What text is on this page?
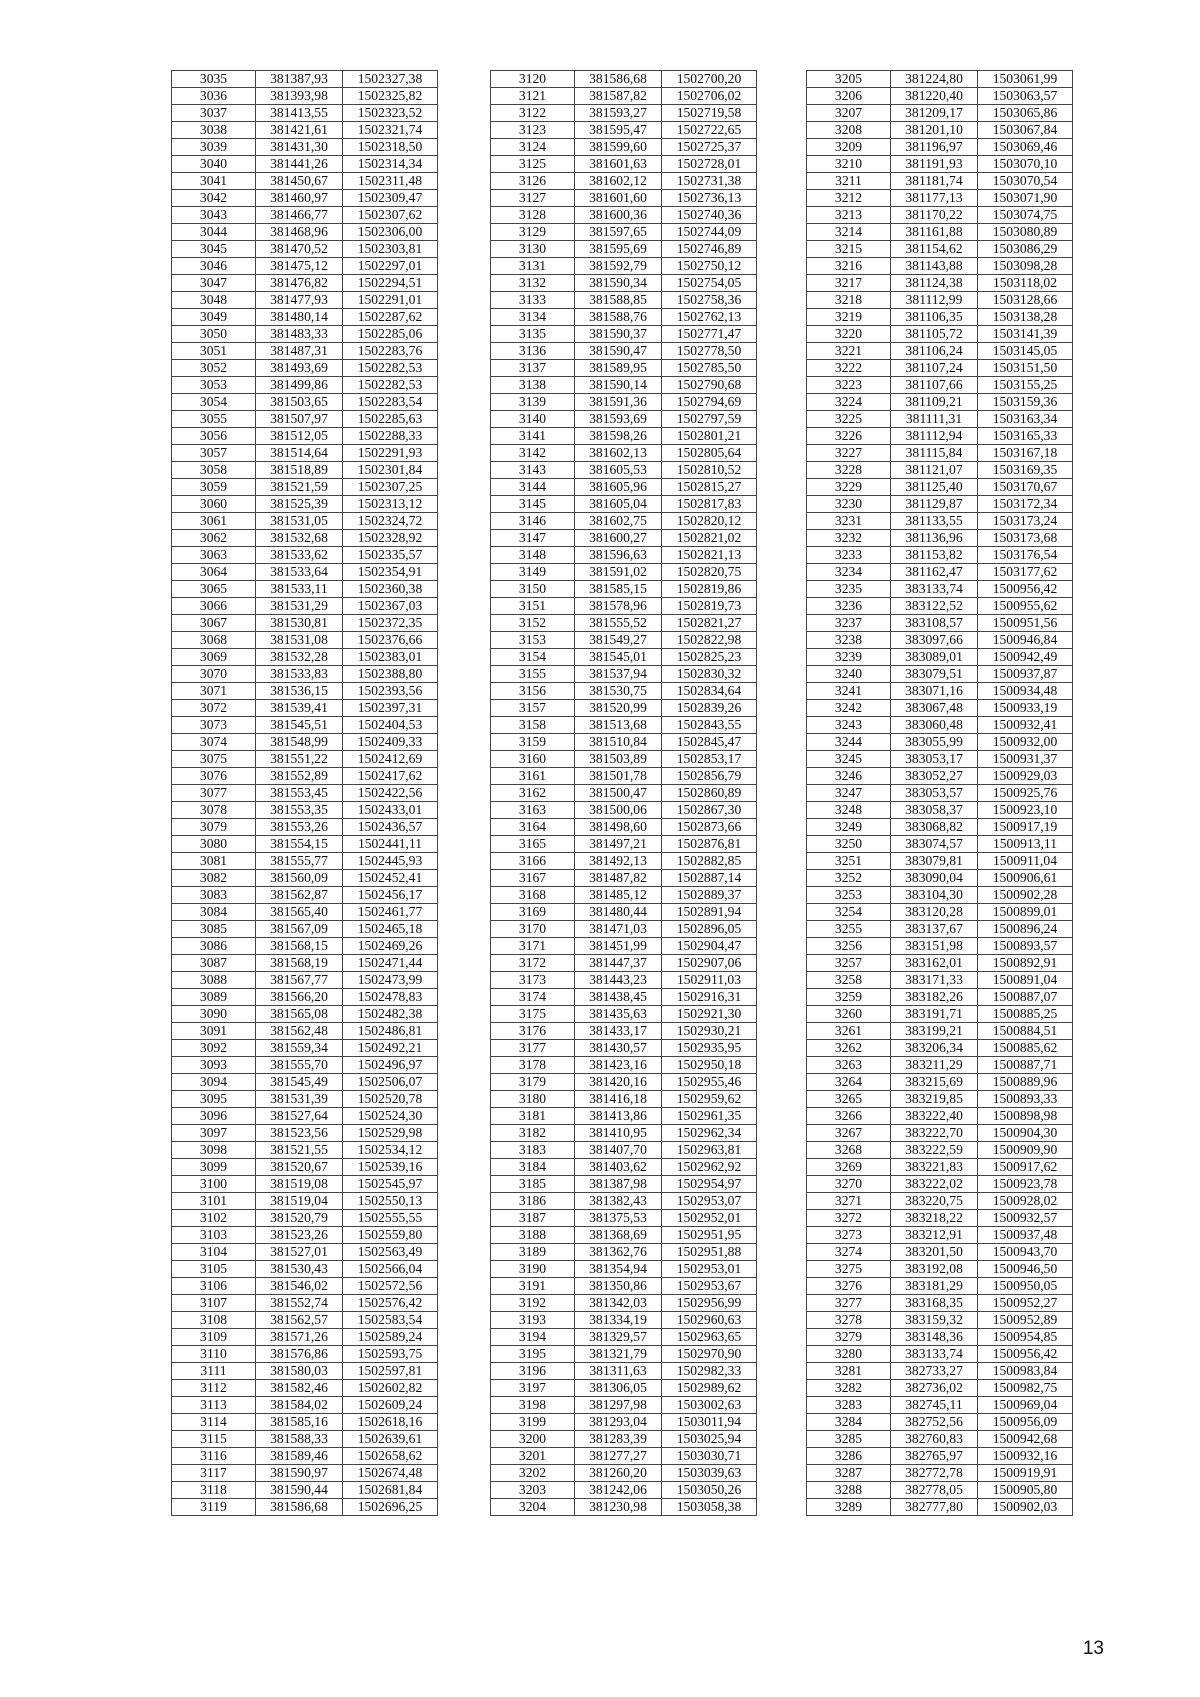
3035	381387,93	1502327,38
3036	381393,98	1502325,82
3037	381413,55	1502323,52
3038	381421,61	1502321,74
3039	381431,30	1502318,50
3040	381441,26	1502314,34
3041	381450,67	1502311,48
3042	381460,97	1502309,47
3043	381466,77	1502307,62
3044	381468,96	1502306,00
3045	381470,52	1502303,81
3046	381475,12	1502297,01
3047	381476,82	1502294,51
3048	381477,93	1502291,01
3049	381480,14	1502287,62
3050	381483,33	1502285,06
3051	381487,31	1502283,76
3052	381493,69	1502282,53
3053	381499,86	1502282,53
3054	381503,65	1502283,54
3055	381507,97	1502285,63
3056	381512,05	1502288,33
3057	381514,64	1502291,93
3058	381518,89	1502301,84
3059	381521,59	1502307,25
3060	381525,39	1502313,12
3061	381531,05	1502324,72
3062	381532,68	1502328,92
3063	381533,62	1502335,57
3064	381533,64	1502354,91
3065	381533,11	1502360,38
3066	381531,29	1502367,03
3067	381530,81	1502372,35
3068	381531,08	1502376,66
3069	381532,28	1502383,01
3070	381533,83	1502388,80
3071	381536,15	1502393,56
3072	381539,41	1502397,31
3073	381545,51	1502404,53
3074	381548,99	1502409,33
3075	381551,22	1502412,69
3076	381552,89	1502417,62
3077	381553,45	1502422,56
3078	381553,35	1502433,01
3079	381553,26	1502436,57
3080	381554,15	1502441,11
3081	381555,77	1502445,93
3082	381560,09	1502452,41
3083	381562,87	1502456,17
3084	381565,40	1502461,77
3085	381567,09	1502465,18
3086	381568,15	1502469,26
3087	381568,19	1502471,44
3088	381567,77	1502473,99
3089	381566,20	1502478,83
3090	381565,08	1502482,38
3091	381562,48	1502486,81
3092	381559,34	1502492,21
3093	381555,70	1502496,97
3094	381545,49	1502506,07
3095	381531,39	1502520,78
3096	381527,64	1502524,30
3097	381523,56	1502529,98
3098	381521,55	1502534,12
3099	381520,67	1502539,16
3100	381519,08	1502545,97
3101	381519,04	1502550,13
3102	381520,79	1502555,55
3103	381523,26	1502559,80
3104	381527,01	1502563,49
3105	381530,43	1502566,04
3106	381546,02	1502572,56
3107	381552,74	1502576,42
3108	381562,57	1502583,54
3109	381571,26	1502589,24
3110	381576,86	1502593,75
3111	381580,03	1502597,81
3112	381582,46	1502602,82
3113	381584,02	1502609,24
3114	381585,16	1502618,16
3115	381588,33	1502639,61
3116	381589,46	1502658,62
3117	381590,97	1502674,48
3118	381590,44	1502681,84
3119	381586,68	1502696,25
3120	381586,68	1502700,20
3121	381587,82	1502706,02
3122	381593,27	1502719,58
3123	381595,47	1502722,65
3124	381599,60	1502725,37
3125	381601,63	1502728,01
3126	381602,12	1502731,38
3127	381601,60	1502736,13
3128	381600,36	1502740,36
3129	381597,65	1502744,09
3130	381595,69	1502746,89
3131	381592,79	1502750,12
3132	381590,34	1502754,05
3133	381588,85	1502758,36
3134	381588,76	1502762,13
3135	381590,37	1502771,47
3136	381590,47	1502778,50
3137	381589,95	1502785,50
3138	381590,14	1502790,68
3139	381591,36	1502794,69
3140	381593,69	1502797,59
3141	381598,26	1502801,21
3142	381602,13	1502805,64
3143	381605,53	1502810,52
3144	381605,96	1502815,27
3145	381605,04	1502817,83
3146	381602,75	1502820,12
3147	381600,27	1502821,02
3148	381596,63	1502821,13
3149	381591,02	1502820,75
3150	381585,15	1502819,86
3151	381578,96	1502819,73
3152	381555,52	1502821,27
3153	381549,27	1502822,98
3154	381545,01	1502825,23
3155	381537,94	1502830,32
3156	381530,75	1502834,64
3157	381520,99	1502839,26
3158	381513,68	1502843,55
3159	381510,84	1502845,47
3160	381503,89	1502853,17
3161	381501,78	1502856,79
3162	381500,47	1502860,89
3163	381500,06	1502867,30
3164	381498,60	1502873,66
3165	381497,21	1502876,81
3166	381492,13	1502882,85
3167	381487,82	1502887,14
3168	381485,12	1502889,37
3169	381480,44	1502891,94
3170	381471,03	1502896,05
3171	381451,99	1502904,47
3172	381447,37	1502907,06
3173	381443,23	1502911,03
3174	381438,45	1502916,31
3175	381435,63	1502921,30
3176	381433,17	1502930,21
3177	381430,57	1502935,95
3178	381423,16	1502950,18
3179	381420,16	1502955,46
3180	381416,18	1502959,62
3181	381413,86	1502961,35
3182	381410,95	1502962,34
3183	381407,70	1502963,81
3184	381403,62	1502962,92
3185	381387,98	1502954,97
3186	381382,43	1502953,07
3187	381375,53	1502952,01
3188	381368,69	1502951,95
3189	381362,76	1502951,88
3190	381354,94	1502953,01
3191	381350,86	1502953,67
3192	381342,03	1502956,99
3193	381334,19	1502960,63
3194	381329,57	1502963,65
3195	381321,79	1502970,90
3196	381311,63	1502982,33
3197	381306,05	1502989,62
3198	381297,98	1503002,63
3199	381293,04	1503011,94
3200	381283,39	1503025,94
3201	381277,27	1503030,71
3202	381260,20	1503039,63
3203	381242,06	1503050,26
3204	381230,98	1503058,38
3205	381224,80	1503061,99
3206	381220,40	1503063,57
3207	381209,17	1503065,86
3208	381201,10	1503067,84
3209	381196,97	1503069,46
3210	381191,93	1503070,10
3211	381181,74	1503070,54
3212	381177,13	1503071,90
3213	381170,22	1503074,75
3214	381161,88	1503080,89
3215	381154,62	1503086,29
3216	381143,88	1503098,28
3217	381124,38	1503118,02
3218	381112,99	1503128,66
3219	381106,35	1503138,28
3220	381105,72	1503141,39
3221	381106,24	1503145,05
3222	381107,24	1503151,50
3223	381107,66	1503155,25
3224	381109,21	1503159,36
3225	381111,31	1503163,34
3226	381112,94	1503165,33
3227	381115,84	1503167,18
3228	381121,07	1503169,35
3229	381125,40	1503170,67
3230	381129,87	1503172,34
3231	381133,55	1503173,24
3232	381136,96	1503173,68
3233	381153,82	1503176,54
3234	381162,47	1503177,62
3235	383133,74	1500956,42
3236	383122,52	1500955,62
3237	383108,57	1500951,56
3238	383097,66	1500946,84
3239	383089,01	1500942,49
3240	383079,51	1500937,87
3241	383071,16	1500934,48
3242	383067,48	1500933,19
3243	383060,48	1500932,41
3244	383055,99	1500932,00
3245	383053,17	1500931,37
3246	383052,27	1500929,03
3247	383053,57	1500925,76
3248	383058,37	1500923,10
3249	383068,82	1500917,19
3250	383074,57	1500913,11
3251	383079,81	1500911,04
3252	383090,04	1500906,61
3253	383104,30	1500902,28
3254	383120,28	1500899,01
3255	383137,67	1500896,24
3256	383151,98	1500893,57
3257	383162,01	1500892,91
3258	383171,33	1500891,04
3259	383182,26	1500887,07
3260	383191,71	1500885,25
3261	383199,21	1500884,51
3262	383206,34	1500885,62
3263	383211,29	1500887,71
3264	383215,69	1500889,96
3265	383219,85	1500893,33
3266	383222,40	1500898,98
3267	383222,70	1500904,30
3268	383222,59	1500909,90
3269	383221,83	1500917,62
3270	383222,02	1500923,78
3271	383220,75	1500928,02
3272	383218,22	1500932,57
3273	383212,91	1500937,48
3274	383201,50	1500943,70
3275	383192,08	1500946,50
3276	383181,29	1500950,05
3277	383168,35	1500952,27
3278	383159,32	1500952,89
3279	383148,36	1500954,85
3280	383133,74	1500956,42
3281	382733,27	1500983,84
3282	382736,02	1500982,75
3283	382745,11	1500969,04
3284	382752,56	1500956,09
3285	382760,83	1500942,68
3286	382765,97	1500932,16
3287	382772,78	1500919,91
3288	382778,05	1500905,80
3289	382777,80	1500902,03
13
